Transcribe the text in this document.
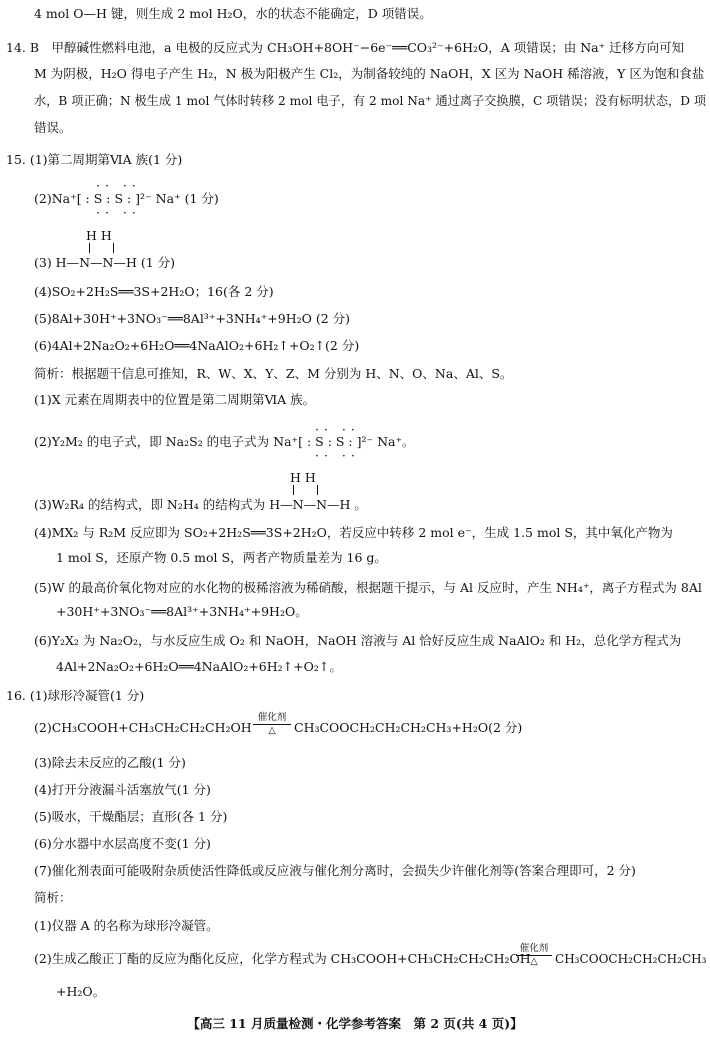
4 mol O—H 键，则生成 2 mol H₂O，水的状态不能确定，D 项错误。
14. B　甲醇碱性燃料电池，a 电极的反应式为 CH₃OH+8OH⁻−6e⁻══CO₃²⁻+6H₂O，A 项错误；由 Na⁺ 迁移方向可知
M 为阴极，H₂O 得电子产生 H₂，N 极为阳极产生 Cl₂，为制备较纯的 NaOH，X 区为 NaOH 稀溶液，Y 区为饱和食盐
水，B 项正确；N 极生成 1 mol 气体时转移 2 mol 电子，有 2 mol Na⁺ 通过离子交换膜，C 项错误；没有标明状态，D 项
错误。
15. (1)第二周期第ⅥA 族(1 分)
·· ··
(2)Na⁺[ : S : S : ]²⁻ Na⁺ (1 分)
·· ··
H H
(3) H—N—N—H (1 分)
(4)SO₂+2H₂S══3S+2H₂O；16(各 2 分)
(5)8Al+30H⁺+3NO₃⁻══8Al³⁺+3NH₄⁺+9H₂O (2 分)
(6)4Al+2Na₂O₂+6H₂O══4NaAlO₂+6H₂↑+O₂↑(2 分)
简析：根据题干信息可推知，R、W、X、Y、Z、M 分别为 H、N、O、Na、Al、S。
(1)X 元素在周期表中的位置是第二周期第ⅥA 族。
·· ··
(2)Y₂M₂ 的电子式，即 Na₂S₂ 的电子式为 Na⁺[ : S : S : ]²⁻ Na⁺。
·· ··
H H
(3)W₂R₄ 的结构式，即 N₂H₄ 的结构式为 H—N—N—H 。
(4)MX₂ 与 R₂M 反应即为 SO₂+2H₂S══3S+2H₂O，若反应中转移 2 mol e⁻，生成 1.5 mol S，其中氧化产物为
1 mol S，还原产物 0.5 mol S，两者产物质量差为 16 g。
(5)W 的最高价氧化物对应的水化物的极稀溶液为稀硝酸，根据题干提示，与 Al 反应时，产生 NH₄⁺，离子方程式为 8Al
+30H⁺+3NO₃⁻══8Al³⁺+3NH₄⁺+9H₂O。
(6)Y₂X₂ 为 Na₂O₂，与水反应生成 O₂ 和 NaOH，NaOH 溶液与 Al 恰好反应生成 NaAlO₂ 和 H₂，总化学方程式为
4Al+2Na₂O₂+6H₂O══4NaAlO₂+6H₂↑+O₂↑。
16. (1)球形冷凝管(1 分)
(2)CH₃COOH+CH₃CH₂CH₂CH₂OH
催化剂
△	CH₃COOCH₂CH₂CH₂CH₃+H₂O(2 分)
(3)除去未反应的乙酸(1 分)
(4)打开分液漏斗活塞放气(1 分)
(5)吸水，干燥酯层；直形(各 1 分)
(6)分水器中水层高度不变(1 分)
(7)催化剂表面可能吸附杂质使活性降低或反应液与催化剂分离时，会损失少许催化剂等(答案合理即可，2 分)
简析：
(1)仪器 A 的名称为球形冷凝管。
(2)生成乙酸正丁酯的反应为酯化反应，化学方程式为 CH₃COOH+CH₃CH₂CH₂CH₂OH
催化剂
△	CH₃COOCH₂CH₂CH₂CH₃
+H₂O。
【高三 11 月质量检测・化学参考答案　第 2 页(共 4 页)】
